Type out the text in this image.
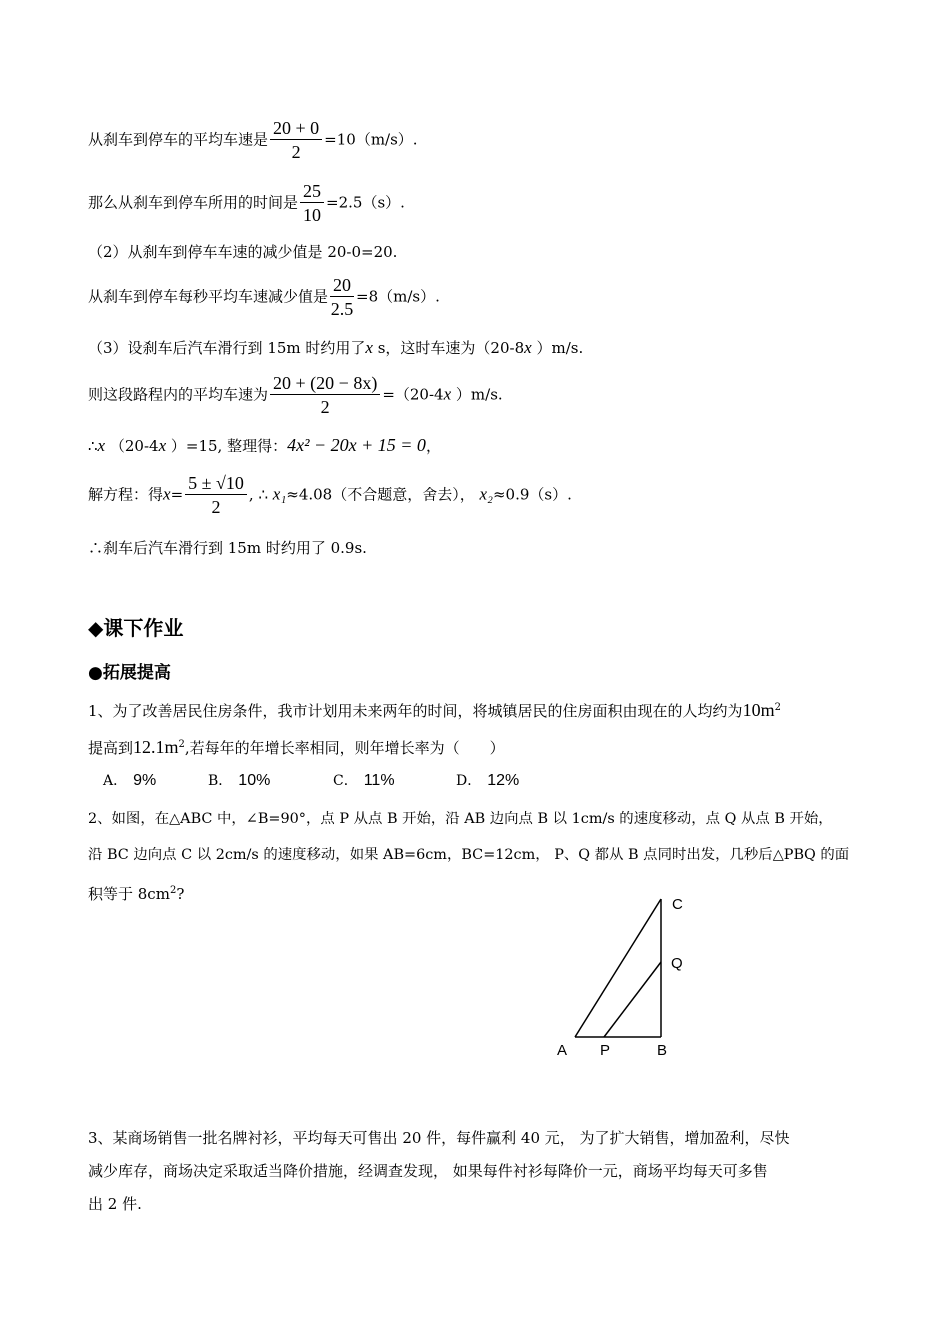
从刹车到停车的平均车速是 $\frac{20 + 0}{2} =10(m/s)$.
那么从刹车到停车所用的时间是 $\frac{25}{10} =2.5(s)$.
（2）从刹车到停车车速的减少值是 20-0=20.
从刹车到停车每秒平均车速减少值是 $\frac{20}{2.5} =8(m/s)$.
（3）设刹车后汽车滑行到 15m 时约用了x s，这时车速为（20-8x ）m/s.
则这段路程内的平均车速为 $\frac{20 + (20 - 8x)}{2} =(20-4x$ ）m/s.
∴x （20-4x ）=15, 整理得：4x² − 20x + 15 = 0，
解方程：得$x= \frac{5 \pm √10}{2}$ , ∴ x₁≈4.08（不合题意，舍去）， x₂≈0.9（s）.
∴刹车后汽车滑行到 15m 时约用了 0.9s.
◆课下作业
●拓展提高
1、为了改善居民住房条件，我市计划用未来两年的时间，将城镇居民的住房面积由现在的人均约为$10m^2$
提高到$12.1m^2$,若每年的年增长率相同，则年增长率为（　　）
A． 9%	B． 10%	C． 11%	D． 12%
2、如图，在△ABC 中，∠B=90°，点 P 从点 B 开始，沿 AB 边向点 B 以 1cm/s 的速度移动，点 Q 从点 B 开始，
沿 BC 边向点 C 以 2cm/s 的速度移动，如果 AB=6cm，BC=12cm， P、Q 都从 B 点同时出发，几秒后△PBQ 的面
积等于 $8cm^2$?
C
Q
A P	B
3、某商场销售一批名牌衬衫，平均每天可售出 20 件，每件赢利 40 元， 为了扩大销售，增加盈利，尽快
减少库存，商场决定采取适当降价措施，经调查发现， 如果每件衬衫每降价一元，商场平均每天可多售
出 2 件.
